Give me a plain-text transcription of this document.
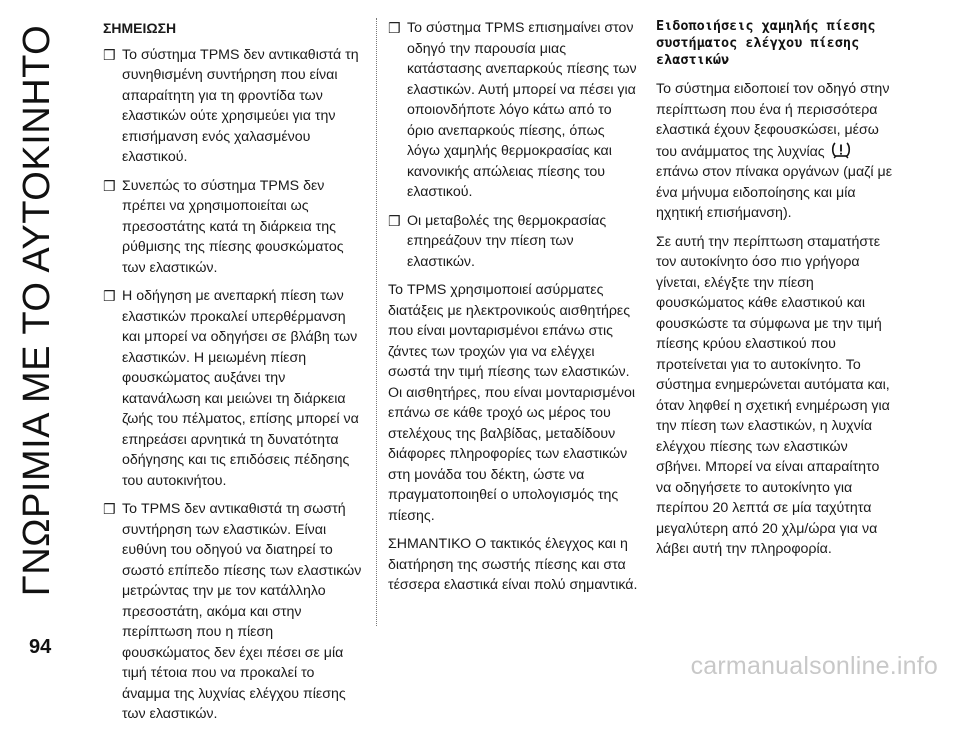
ΓΝΩΡΙΜΙΑ ΜΕ ΤΟ ΑΥΤΟΚΙΝΗΤΟ
94
ΣΗΜΕΙΩΣΗ
❒ Το σύστημα TPMS δεν αντικαθιστά τη συνηθισμένη συντήρηση που είναι απαραίτητη για τη φροντίδα των ελαστικών ούτε χρησιμεύει για την επισήμανση ενός χαλασμένου ελαστικού.
❒ Συνεπώς το σύστημα TPMS δεν πρέπει να χρησιμοποιείται ως πρεσοστάτης κατά τη διάρκεια της ρύθμισης της πίεσης φουσκώματος των ελαστικών.
❒ Η οδήγηση με ανεπαρκή πίεση των ελαστικών προκαλεί υπερθέρμανση και μπορεί να οδηγήσει σε βλάβη των ελαστικών. Η μειωμένη πίεση φουσκώματος αυξάνει την κατανάλωση και μειώνει τη διάρκεια ζωής του πέλματος, επίσης μπορεί να επηρεάσει αρνητικά τη δυνατότητα οδήγησης και τις επιδόσεις πέδησης του αυτοκινήτου.
❒ Το TPMS δεν αντικαθιστά τη σωστή συντήρηση των ελαστικών. Είναι ευθύνη του οδηγού να διατηρεί το σωστό επίπεδο πίεσης των ελαστικών μετρώντας την με τον κατάλληλο πρεσοστάτη, ακόμα και στην περίπτωση που η πίεση φουσκώματος δεν έχει πέσει σε μία τιμή τέτοια που να προκαλεί το άναμμα της λυχνίας ελέγχου πίεσης των ελαστικών.
❒ Το σύστημα TPMS επισημαίνει στον οδηγό την παρουσία μιας κατάστασης ανεπαρκούς πίεσης των ελαστικών. Αυτή μπορεί να πέσει για οποιονδήποτε λόγο κάτω από το όριο ανεπαρκούς πίεσης, όπως λόγω χαμηλής θερμοκρασίας και κανονικής απώλειας πίεσης του ελαστικού.
❒ Οι μεταβολές της θερμοκρασίας επηρεάζουν την πίεση των ελαστικών.
Το TPMS χρησιμοποιεί ασύρματες διατάξεις με ηλεκτρονικούς αισθητήρες που είναι μονταρισμένοι επάνω στις ζάντες των τροχών για να ελέγχει σωστά την τιμή πίεσης των ελαστικών. Οι αισθητήρες, που είναι μονταρισμένοι επάνω σε κάθε τροχό ως μέρος του στελέχους της βαλβίδας, μεταδίδουν διάφορες πληροφορίες των ελαστικών στη μονάδα του δέκτη, ώστε να πραγματοποιηθεί ο υπολογισμός της πίεσης.
ΣΗΜΑΝΤΙΚΟ Ο τακτικός έλεγχος και η διατήρηση της σωστής πίεσης και στα τέσσερα ελαστικά είναι πολύ σημαντικά.
Ειδοποιήσεις χαμηλής πίεσης συστήματος ελέγχου πίεσης ελαστικών
Το σύστημα ειδοποιεί τον οδηγό στην περίπτωση που ένα ή περισσότερα ελαστικά έχουν ξεφουσκώσει, μέσω του ανάμματος της λυχνίας
επάνω στον πίνακα οργάνων (μαζί με ένα μήνυμα ειδοποίησης και μία ηχητική επισήμανση).
Σε αυτή την περίπτωση σταματήστε τον αυτοκίνητο όσο πιο γρήγορα γίνεται, ελέγξτε την πίεση φουσκώματος κάθε ελαστικού και φουσκώστε τα σύμφωνα με την τιμή πίεσης κρύου ελαστικού που προτείνεται για το αυτοκίνητο. Το σύστημα ενημερώνεται αυτόματα και, όταν ληφθεί η σχετική ενημέρωση για την πίεση των ελαστικών, η λυχνία ελέγχου πίεσης των ελαστικών σβήνει. Μπορεί να είναι απαραίτητο να οδηγήσετε το αυτοκίνητο για περίπου 20 λεπτά σε μία ταχύτητα μεγαλύτερη από 20 χλμ/ώρα για να λάβει αυτή την πληροφορία.
carmanualsonline.info
